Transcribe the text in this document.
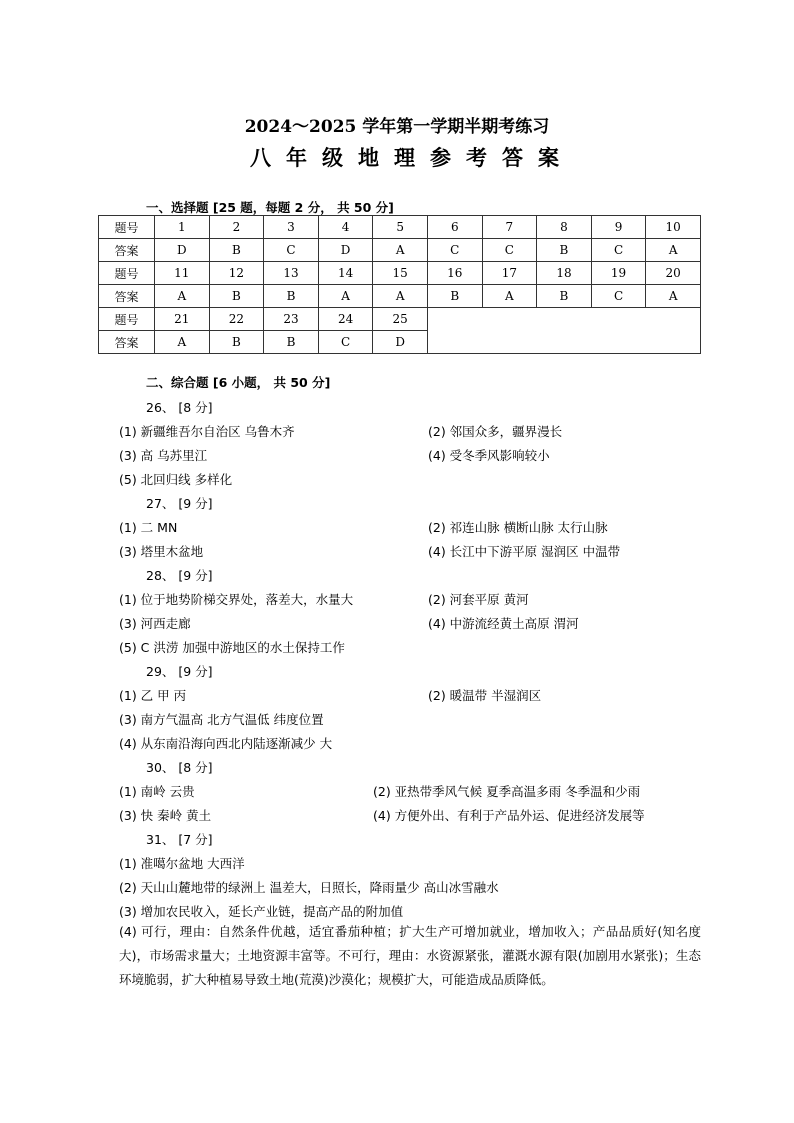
2024～2025 学年第一学期半期考练习
八年级地理参考答案
一、选择题 [25 题，每题 2 分， 共 50 分]
题号	1	2	3	4	5	6	7	8	9	10
答案	D	B	C	D	A	C	C	B	C	A
题号	11	12	13	14	15	16	17	18	19	20
答案	A	B	B	A	A	B	A	B	C	A
题号	21	22	23	24	25					
答案	A	B	B	C	D					
二、综合题 [6 小题， 共 50 分]
26、 [8 分]
(1) 新疆维吾尔自治区 乌鲁木齐	(2) 邻国众多，疆界漫长
(3) 高 乌苏里江	(4) 受冬季风影响较小
(5) 北回归线 多样化
27、 [9 分]
(1) 二 MN	(2) 祁连山脉 横断山脉 太行山脉
(3) 塔里木盆地	(4) 长江中下游平原 湿润区 中温带
28、 [9 分]
(1) 位于地势阶梯交界处，落差大，水量大	(2) 河套平原 黄河
(3) 河西走廊	(4) 中游流经黄土高原 渭河
(5) C 洪涝 加强中游地区的水土保持工作
29、 [9 分]
(1) 乙 甲 丙	(2) 暖温带 半湿润区
(3) 南方气温高 北方气温低 纬度位置
(4) 从东南沿海向西北内陆逐渐减少 大
30、 [8 分]
(1) 南岭 云贵	(2) 亚热带季风气候 夏季高温多雨 冬季温和少雨
(3) 快 秦岭 黄土	(4) 方便外出、有利于产品外运、促进经济发展等
31、 [7 分]
(1) 准噶尔盆地 大西洋
(2) 天山山麓地带的绿洲上 温差大，日照长，降雨量少 高山冰雪融水
(3) 增加农民收入，延长产业链，提高产品的附加值
(4) 可行，理由：自然条件优越，适宜番茄种植；扩大生产可增加就业，增加收入；产品品质好(知名度大)，市场需求量大；土地资源丰富等。不可行，理由：水资源紧张，灌溉水源有限(加剧用水紧张)；生态环境脆弱，扩大种植易导致土地(荒漠)沙漠化；规模扩大，可能造成品质降低。
